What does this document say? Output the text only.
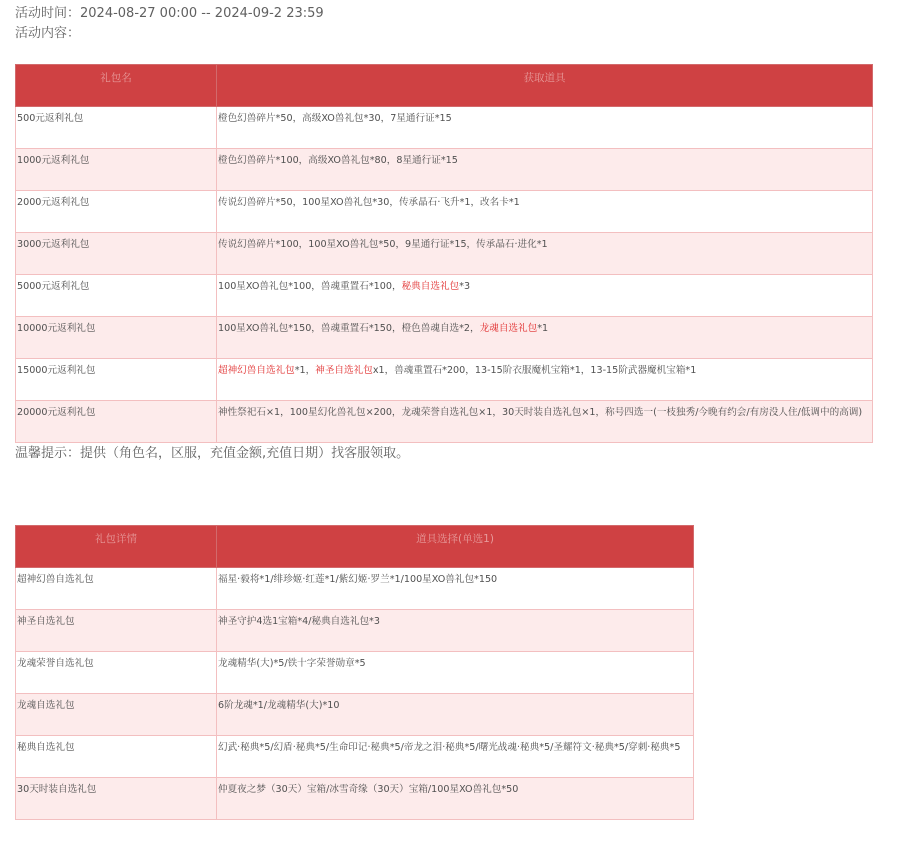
活动时间：2024-08-27 00:00 -- 2024-09-2 23:59
活动内容：
礼包名	获取道具
500元返利礼包	橙色幻兽碎片*50，高级XO兽礼包*30，7星通行证*15
1000元返利礼包	橙色幻兽碎片*100，高级XO兽礼包*80，8星通行证*15
2000元返利礼包	传说幻兽碎片*50，100星XO兽礼包*30，传承晶石·飞升*1，改名卡*1
3000元返利礼包	传说幻兽碎片*100，100星XO兽礼包*50，9星通行证*15，传承晶石·进化*1
5000元返利礼包	100星XO兽礼包*100，兽魂重置石*100，秘典自选礼包*3
10000元返利礼包	100星XO兽礼包*150，兽魂重置石*150，橙色兽魂自选*2，龙魂自选礼包*1
15000元返利礼包	超神幻兽自选礼包*1，神圣自选礼包x1，兽魂重置石*200，13-15阶衣服魔机宝箱*1，13-15阶武器魔机宝箱*1
20000元返利礼包	神性祭祀石×1，100星幻化兽礼包×200，龙魂荣誉自选礼包×1，30天时装自选礼包×1，称号四选一(一枝独秀/今晚有约会/有房没人住/低调中的高调)
温馨提示：提供（角色名，区服，充值金额,充值日期）找客服领取。
礼包详情	道具选择(单选1)
超神幻兽自选礼包	福星·毅将*1/绯珍姬·红莲*1/紫幻姬·罗兰*1/100星XO兽礼包*150
神圣自选礼包	神圣守护4选1宝箱*4/秘典自选礼包*3
龙魂荣誉自选礼包	龙魂精华(大)*5/铁十字荣誉勋章*5
龙魂自选礼包	6阶龙魂*1/龙魂精华(大)*10
秘典自选礼包	幻武·秘典*5/幻盾·秘典*5/生命印记·秘典*5/帝龙之泪·秘典*5/曙光战魂·秘典*5/圣耀符文·秘典*5/穿刺·秘典*5
30天时装自选礼包	仲夏夜之梦（30天）宝箱/冰雪奇缘（30天）宝箱/100星XO兽礼包*50
